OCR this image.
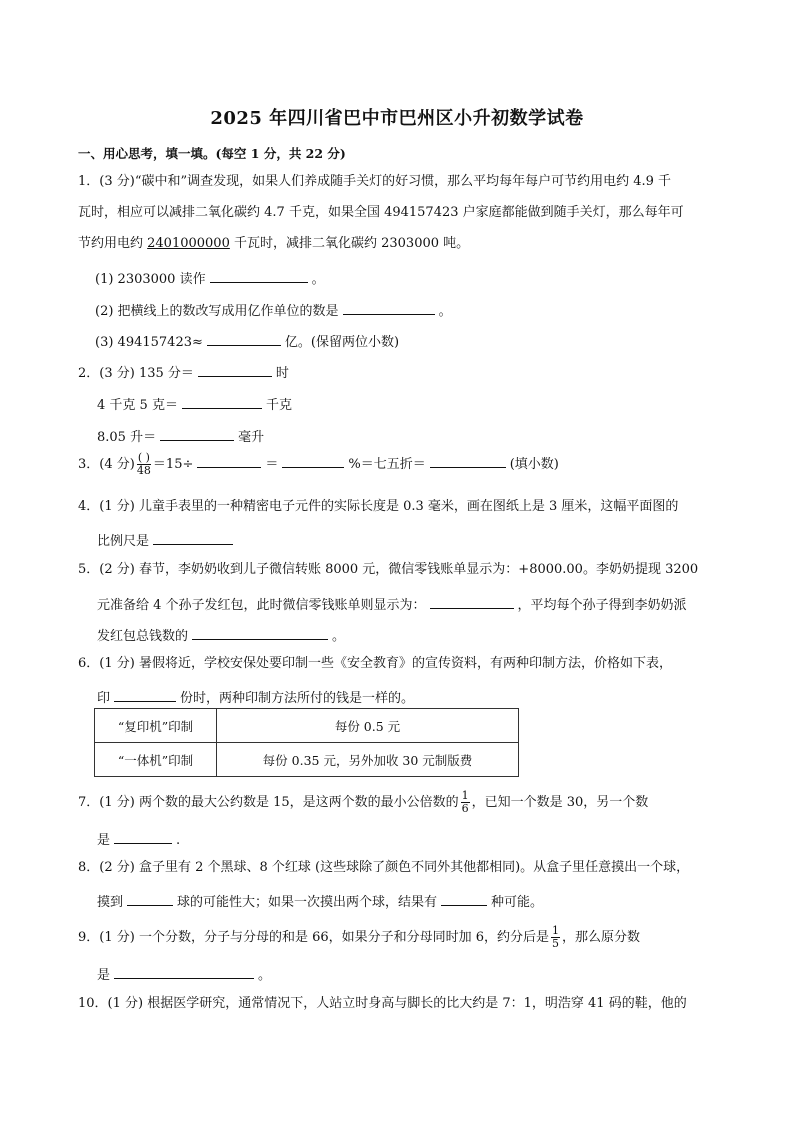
2025 年四川省巴中市巴州区小升初数学试卷
一、用心思考，填一填。(每空 1 分，共 22 分)
1．(3 分)“碳中和”调查发现，如果人们养成随手关灯的好习惯，那么平均每年每户可节约用电约 4.9 千
瓦时，相应可以减排二氧化碳约 4.7 千克，如果全国 494157423 户家庭都能做到随手关灯，那么每年可
节约用电约 2401000000 千瓦时，减排二氧化碳约 2303000 吨。
(1) 2303000 读作	。
(2) 把横线上的数改写成用亿作单位的数是	。
(3) 494157423≈	亿。(保留两位小数)
2．(3 分) 135 分＝	时
4 千克 5 克＝	千克
8.05 升＝	毫升
3．(4 分) $\frac{( )}{48} =15\div$	＝	%＝七五折＝	(填小数)
4．(1 分) 儿童手表里的一种精密电子元件的实际长度是 0.3 毫米，画在图纸上是 3 厘米，这幅平面图的
比例尺是
5．(2 分) 春节，李奶奶收到儿子微信转账 8000 元，微信零钱账单显示为：+8000.00。李奶奶提现 3200
元准备给 4 个孙子发红包，此时微信零钱账单则显示为：	，平均每个孙子得到李奶奶派
发红包总钱数的	。
6．(1 分) 暑假将近，学校安保处要印制一些《安全教育》的宣传资料，有两种印制方法，价格如下表，
印	份时，两种印制方法所付的钱是一样的。
“复印机”印制	每份 0.5 元
“一体机”印制	每份 0.35 元，另外加收 30 元制版费
7．(1 分) 两个数的最大公约数是 15，是这两个数的最小公倍数的 $\frac{1}{6}$ ，已知一个数是 30，另一个数
是	.
8．(2 分) 盒子里有 2 个黑球、8 个红球 (这些球除了颜色不同外其他都相同)。从盒子里任意摸出一个球，
摸到	球的可能性大；如果一次摸出两个球，结果有	种可能。
9．(1 分) 一个分数，分子与分母的和是 66，如果分子和分母同时加 6，约分后是 $\frac{1}{5}$ ，那么原分数
是	。
10．(1 分) 根据医学研究，通常情况下，人站立时身高与脚长的比大约是 7：1，明浩穿 41 码的鞋，他的
